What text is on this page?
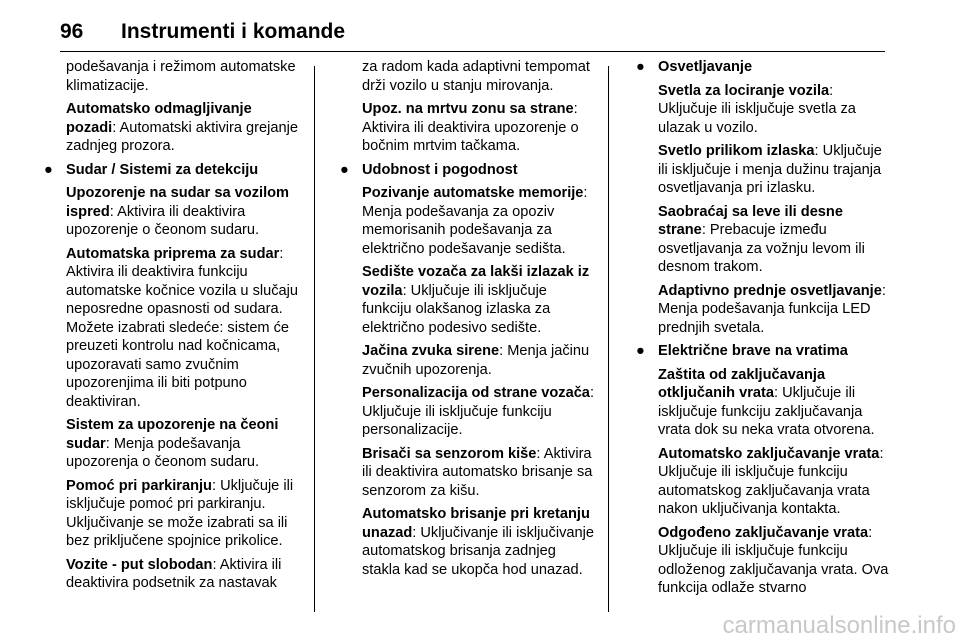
96 Instrumenti i komande
podešavanja i režimom automatske klimatizacije.
Automatsko odmagljivanje pozadi: Automatski aktivira grejanje zadnjeg prozora.
● Sudar / Sistemi za detekciju
Upozorenje na sudar sa vozilom ispred: Aktivira ili deaktivira upozorenje o čeonom sudaru.
Automatska priprema za sudar: Aktivira ili deaktivira funkciju automatske kočnice vozila u slučaju neposredne opasnosti od sudara. Možete izabrati sledeće: sistem će preuzeti kontrolu nad kočnicama, upozoravati samo zvučnim upozorenjima ili biti potpuno deaktiviran.
Sistem za upozorenje na čeoni sudar: Menja podešavanja upozorenja o čeonom sudaru.
Pomoć pri parkiranju: Uključuje ili isključuje pomoć pri parkiranju. Uključivanje se može izabrati sa ili bez priključene spojnice prikolice.
Vozite - put slobodan: Aktivira ili deaktivira podsetnik za nastavak
za radom kada adaptivni tempomat drži vozilo u stanju mirovanja.
Upoz. na mrtvu zonu sa strane: Aktivira ili deaktivira upozorenje o bočnim mrtvim tačkama.
● Udobnost i pogodnost
Pozivanje automatske memorije: Menja podešavanja za opoziv memorisanih podešavanja za električno podešavanje sedišta.
Sedište vozača za lakši izlazak iz vozila: Uključuje ili isključuje funkciju olakšanog izlaska za električno podesivo sedište.
Jačina zvuka sirene: Menja jačinu zvučnih upozorenja.
Personalizacija od strane vozača: Uključuje ili isključuje funkciju personalizacije.
Brisači sa senzorom kiše: Aktivira ili deaktivira automatsko brisanje sa senzorom za kišu.
Automatsko brisanje pri kretanju unazad: Uključivanje ili isključivanje automatskog brisanja zadnjeg stakla kad se ukopča hod unazad.
● Osvetljavanje
Svetla za lociranje vozila: Uključuje ili isključuje svetla za ulazak u vozilo.
Svetlo prilikom izlaska: Uključuje ili isključuje i menja dužinu trajanja osvetljavanja pri izlasku.
Saobraćaj sa leve ili desne strane: Prebacuje između osvetljavanja za vožnju levom ili desnom trakom.
Adaptivno prednje osvetljavanje: Menja podešavanja funkcija LED prednjih svetala.
● Električne brave na vratima
Zaštita od zaključavanja otključanih vrata: Uključuje ili isključuje funkciju zaključavanja vrata dok su neka vrata otvorena.
Automatsko zaključavanje vrata: Uključuje ili isključuje funkciju automatskog zaključavanja vrata nakon uključivanja kontakta.
Odgođeno zaključavanje vrata: Uključuje ili isključuje funkciju odloženog zaključavanja vrata. Ova funkcija odlaže stvarno
carmanualsonline.info
